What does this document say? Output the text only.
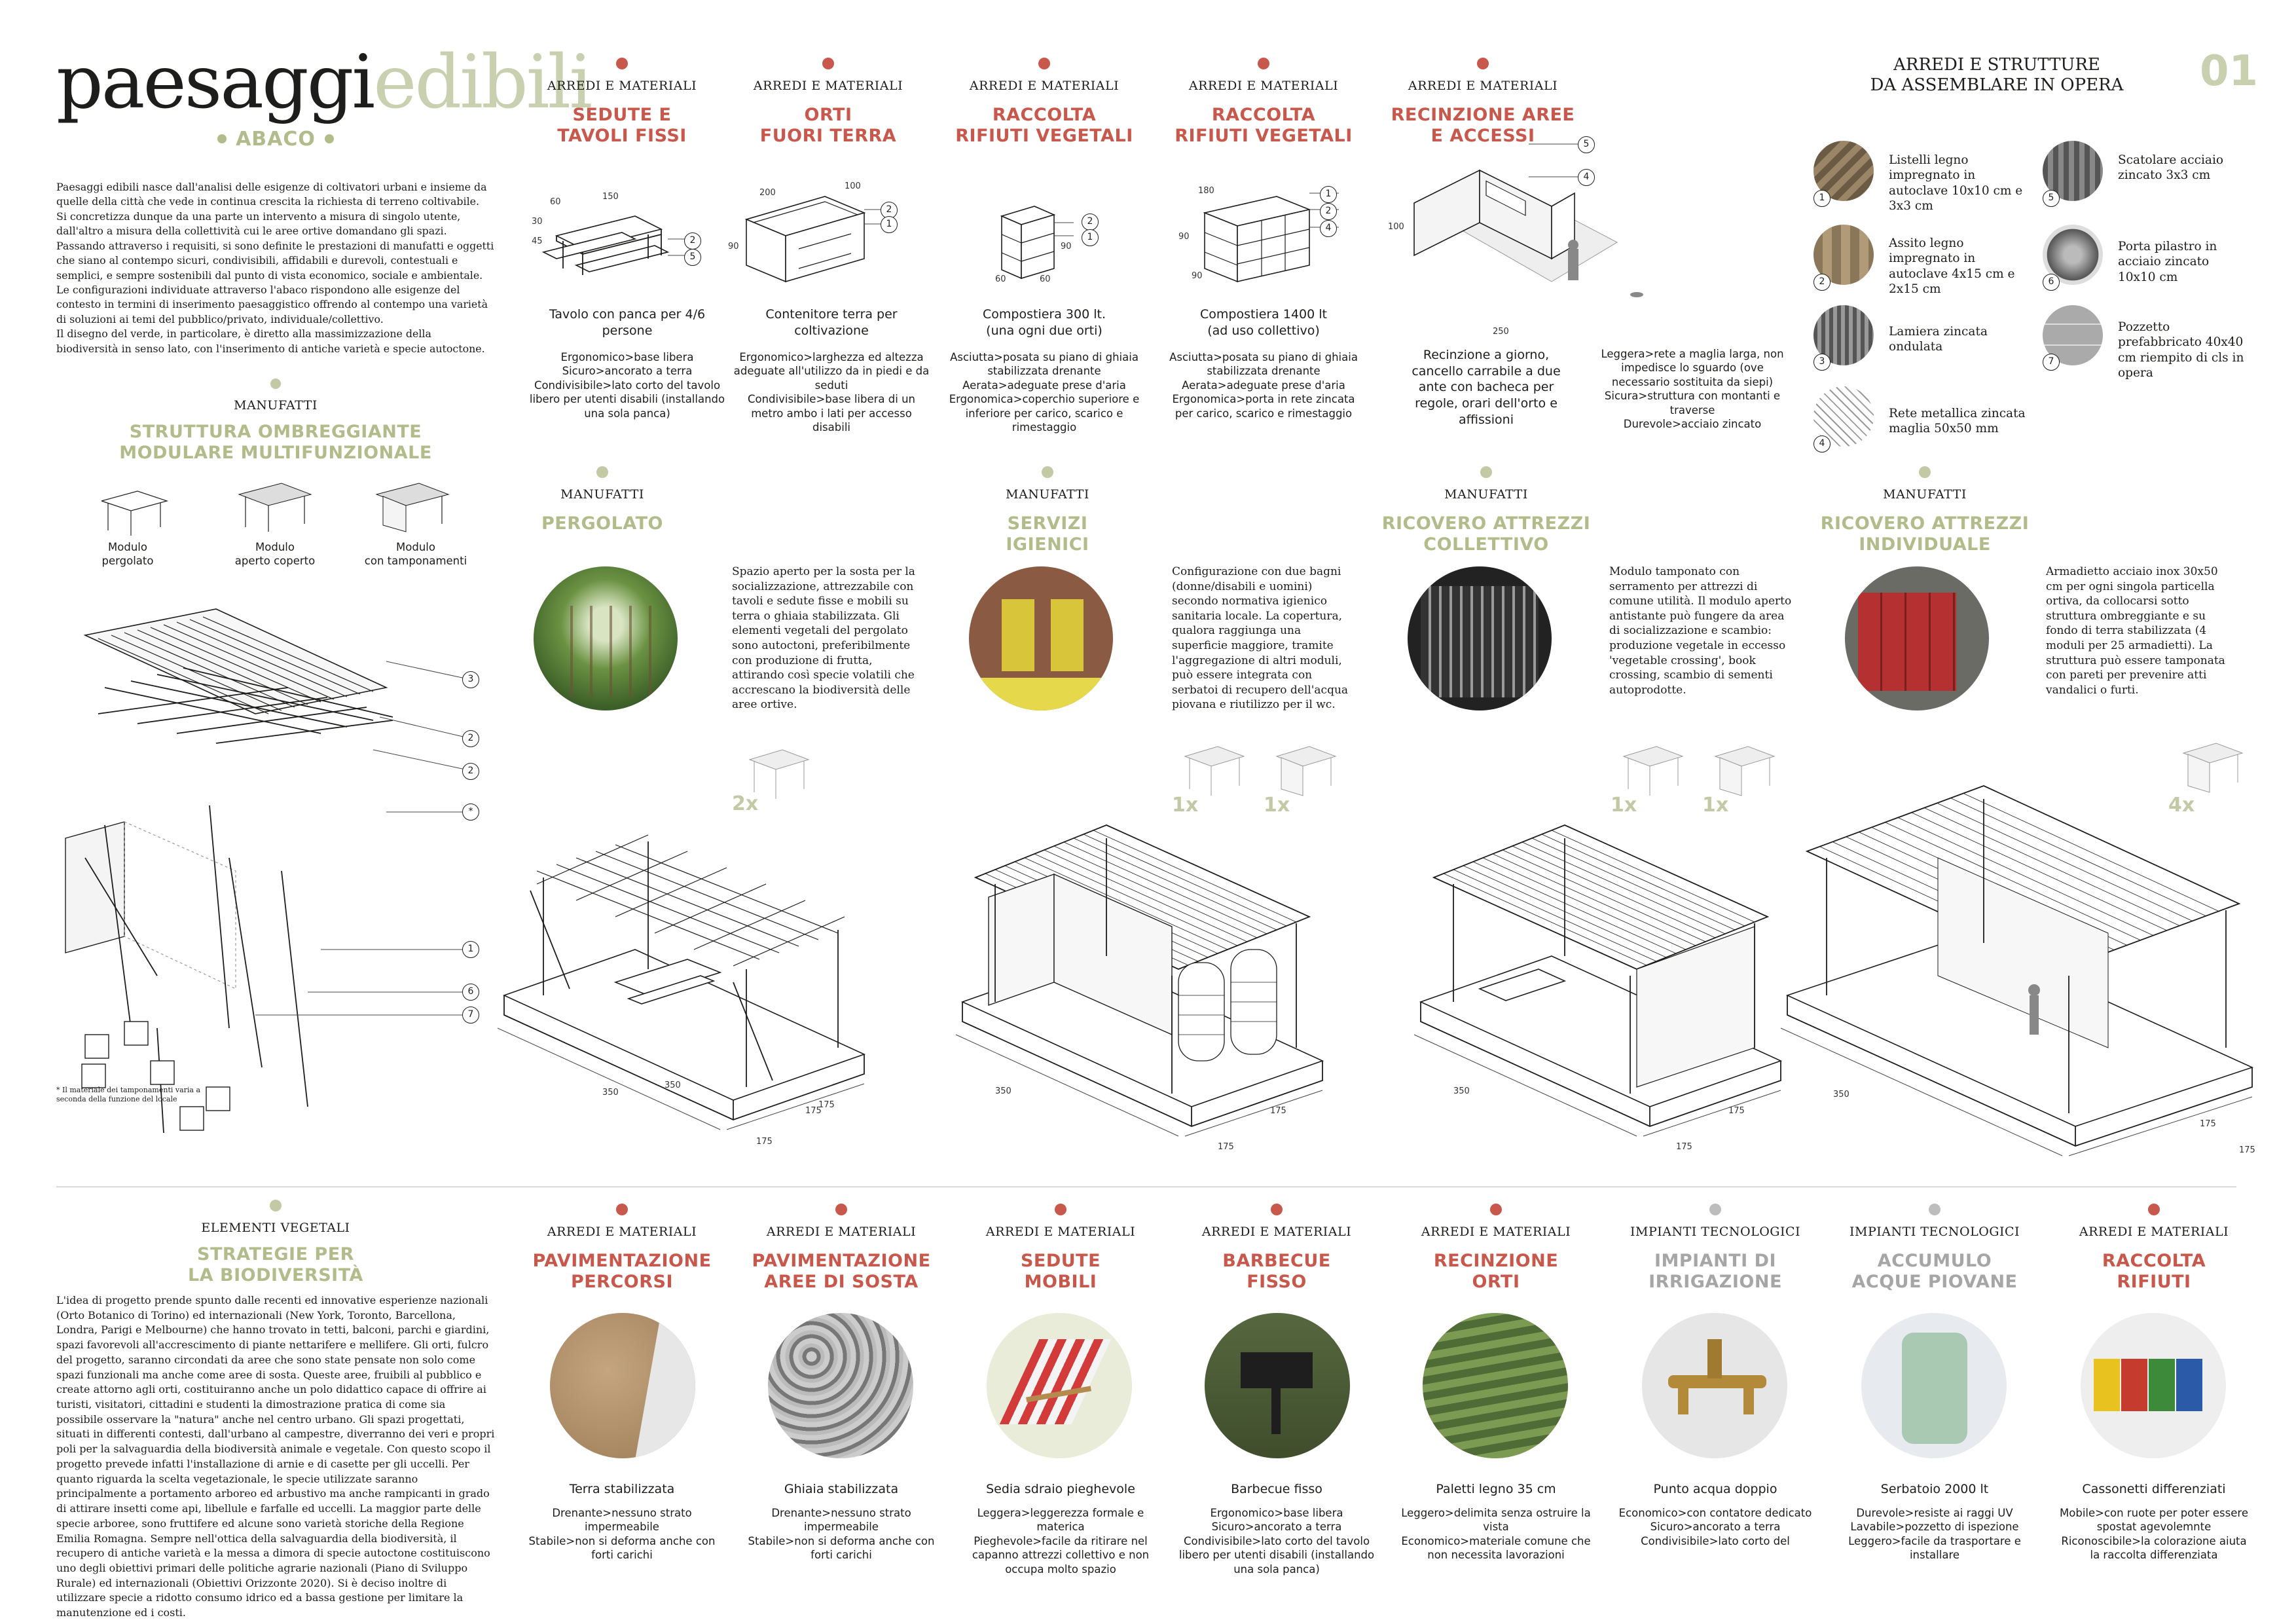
paesaggiedibili
ABACO
Paesaggi edibili nasce dall'analisi delle esigenze di coltivatori urbani e insieme da quelle della città che vede in continua crescita la richiesta di terreno coltivabile.
Si concretizza dunque da una parte un intervento a misura di singolo utente, dall'altro a misura della collettività cui le aree ortive domandano gli spazi.
Passando attraverso i requisiti, si sono definite le prestazioni di manufatti e oggetti che siano al contempo sicuri, condivisibili, affidabili e durevoli, contestuali e semplici, e sempre sostenibili dal punto di vista economico, sociale e ambientale.
Le configurazioni individuate attraverso l'abaco rispondono alle esigenze del contesto in termini di inserimento paesaggistico offrendo al contempo una varietà di soluzioni ai temi del pubblico/privato, individuale/collettivo.
Il disegno del verde, in particolare, è diretto alla massimizzazione della biodiversità in senso lato, con l'inserimento di antiche varietà e specie autoctone.
ARREDI E MATERIALI
SEDUTE E
TAVOLI FISSI
ARREDI E MATERIALI
ORTI
FUORI TERRA
ARREDI E MATERIALI
RACCOLTA
RIFIUTI VEGETALI
ARREDI E MATERIALI
RACCOLTA
RIFIUTI VEGETALI
ARREDI E MATERIALI
RECINZIONE AREE
E ACCESSI
60
150
30
45	2
5
200
100
90
2
1
90
60	60
2
1
180
90
90
1
2
4	100
250
5
4
Tavolo con panca per 4/6 persone
Ergonomico>base libera
Sicuro>ancorato a terra
Condivisibile>lato corto del tavolo libero per utenti disabili (installando una sola panca)
Contenitore terra per coltivazione
Ergonomico>larghezza ed altezza adeguate all'utilizzo da in piedi e da seduti
Condivisibile>base libera di un metro ambo i lati per accesso disabili
Compostiera 300 lt.
(una ogni due orti)
Asciutta>posata su piano di ghiaia stabilizzata drenante
Aerata>adeguate prese d'aria
Ergonomica>coperchio superiore e inferiore per carico, scarico e rimestaggio
Compostiera 1400 lt
(ad uso collettivo)
Asciutta>posata su piano di ghiaia stabilizzata drenante
Aerata>adeguate prese d'aria
Ergonomica>porta in rete zincata per carico, scarico e rimestaggio
Recinzione a giorno, cancello carrabile a due ante con bacheca per regole, orari dell'orto e affissioni
Leggera>rete a maglia larga, non impedisce lo sguardo (ove necessario sostituita da siepi)
Sicura>struttura con montanti e traverse
Durevole>acciaio zincato
ARREDI E STRUTTURE
DA ASSEMBLARE IN OPERA	01
1
2
3
4
5
6
7
Listelli legno impregnato in autoclave 10x10 cm e 3x3 cm
Assito legno impregnato in autoclave 4x15 cm e 2x15 cm
Lamiera zincata ondulata
Rete metallica zincata maglia 50x50 mm
Scatolare acciaio zincato 3x3 cm
Porta pilastro in acciaio zincato 10x10 cm
Pozzetto prefabbricato 40x40 cm riempito di cls in opera
MANUFATTI
STRUTTURA OMBREGGIANTE
MODULARE MULTIFUNZIONALE
Modulo
pergolato
Modulo
aperto coperto
Modulo
con tamponamenti
3
2
2
*
1
6
7
* Il materiale dei tamponamenti varia a seconda della funzione del locale
MANUFATTI
PERGOLATO
MANUFATTI
SERVIZI
IGIENICI
MANUFATTI
RICOVERO ATTREZZI
COLLETTIVO
MANUFATTI
RICOVERO ATTREZZI
INDIVIDUALE
Spazio aperto per la sosta per la socializzazione, attrezzabile con tavoli e sedute fisse e mobili su terra o ghiaia stabilizzata. Gli elementi vegetali del pergolato sono autoctoni, preferibilmente con produzione di frutta, attirando così specie volatili che accrescano la biodiversità delle aree ortive.
Configurazione con due bagni (donne/disabili e uomini) secondo normativa igienico sanitaria locale. La copertura, qualora raggiunga una superficie maggiore, tramite l'aggregazione di altri moduli, può essere integrata con serbatoi di recupero dell'acqua piovana e riutilizzo per il wc.
Modulo tamponato con serramento per attrezzi di comune utilità. Il modulo aperto antistante può fungere da area di socializzazione e scambio: produzione vegetale in eccesso 'vegetable crossing', book crossing, scambio di sementi autoprodotte.
Armadietto acciaio inox 30x50 cm per ogni singola particella ortiva, da collocarsi sotto struttura ombreggiante e su fondo di terra stabilizzata (4 moduli per 25 armadietti). La struttura può essere tamponata con pareti per prevenire atti vandalici o furti.
2x	1x	1x	1x	1x	4x
350
175
175
350
175
175
350
175
175
350
175
175
ELEMENTI VEGETALI
STRATEGIE PER
LA BIODIVERSITÀ
L'idea di progetto prende spunto dalle recenti ed innovative esperienze nazionali (Orto Botanico di Torino) ed internazionali (New York, Toronto, Barcellona, Londra, Parigi e Melbourne) che hanno trovato in tetti, balconi, parchi e giardini, spazi favorevoli all'accrescimento di piante nettarifere e mellifere. Gli orti, fulcro del progetto, saranno circondati da aree che sono state pensate non solo come spazi funzionali ma anche come aree di sosta. Queste aree, fruibili al pubblico e create attorno agli orti, costituiranno anche un polo didattico capace di offrire ai turisti, visitatori, cittadini e studenti la dimostrazione pratica di come sia possibile osservare la "natura" anche nel centro urbano. Gli spazi progettati, situati in differenti contesti, dall'urbano al campestre, diverranno dei veri e propri poli per la salvaguardia della biodiversità animale e vegetale. Con questo scopo il progetto prevede infatti l'installazione di arnie e di casette per gli uccelli. Per quanto riguarda la scelta vegetazionale, le specie utilizzate saranno principalmente a portamento arboreo ed arbustivo ma anche rampicanti in grado di attirare insetti come api, libellule e farfalle ed uccelli. La maggior parte delle specie arboree, sono fruttifere ed alcune sono varietà storiche della Regione Emilia Romagna. Sempre nell'ottica della salvaguardia della biodiversità, il recupero di antiche varietà e la messa a dimora di specie autoctone costituiscono uno degli obiettivi primari delle politiche agrarie nazionali (Piano di Sviluppo Rurale) ed internazionali (Obiettivi Orizzonte 2020). Si è deciso inoltre di utilizzare specie a ridotto consumo idrico ed a bassa gestione per limitare la manutenzione ed i costi.
ARREDI E MATERIALI
PAVIMENTAZIONE
PERCORSI
ARREDI E MATERIALI
PAVIMENTAZIONE
AREE DI SOSTA
ARREDI E MATERIALI
SEDUTE
MOBILI
ARREDI E MATERIALI
BARBECUE
FISSO
ARREDI E MATERIALI
RECINZIONE
ORTI
IMPIANTI TECNOLOGICI
IMPIANTI DI
IRRIGAZIONE
IMPIANTI TECNOLOGICI
ACCUMULO
ACQUE PIOVANE
ARREDI E MATERIALI
RACCOLTA
RIFIUTI
Terra stabilizzata
Drenante>nessuno strato impermeabile
Stabile>non si deforma anche con forti carichi
Ghiaia stabilizzata
Drenante>nessuno strato impermeabile
Stabile>non si deforma anche con forti carichi
Sedia sdraio pieghevole
Leggera>leggerezza formale e materica
Pieghevole>facile da ritirare nel capanno attrezzi collettivo e non occupa molto spazio
Barbecue fisso
Ergonomico>base libera
Sicuro>ancorato a terra
Condivisibile>lato corto del tavolo libero per utenti disabili (installando una sola panca)
Paletti legno 35 cm
Leggero>delimita senza ostruire la vista
Economico>materiale comune che non necessita lavorazioni
Punto acqua doppio
Economico>con contatore dedicato
Sicuro>ancorato a terra
Condivisibile>lato corto del
Serbatoio 2000 lt
Durevole>resiste ai raggi UV
Lavabile>pozzetto di ispezione
Leggero>facile da trasportare e installare
Cassonetti differenziati
Mobile>con ruote per poter essere spostat agevolemnte
Riconoscibile>la colorazione aiuta la raccolta differenziata
350
175
